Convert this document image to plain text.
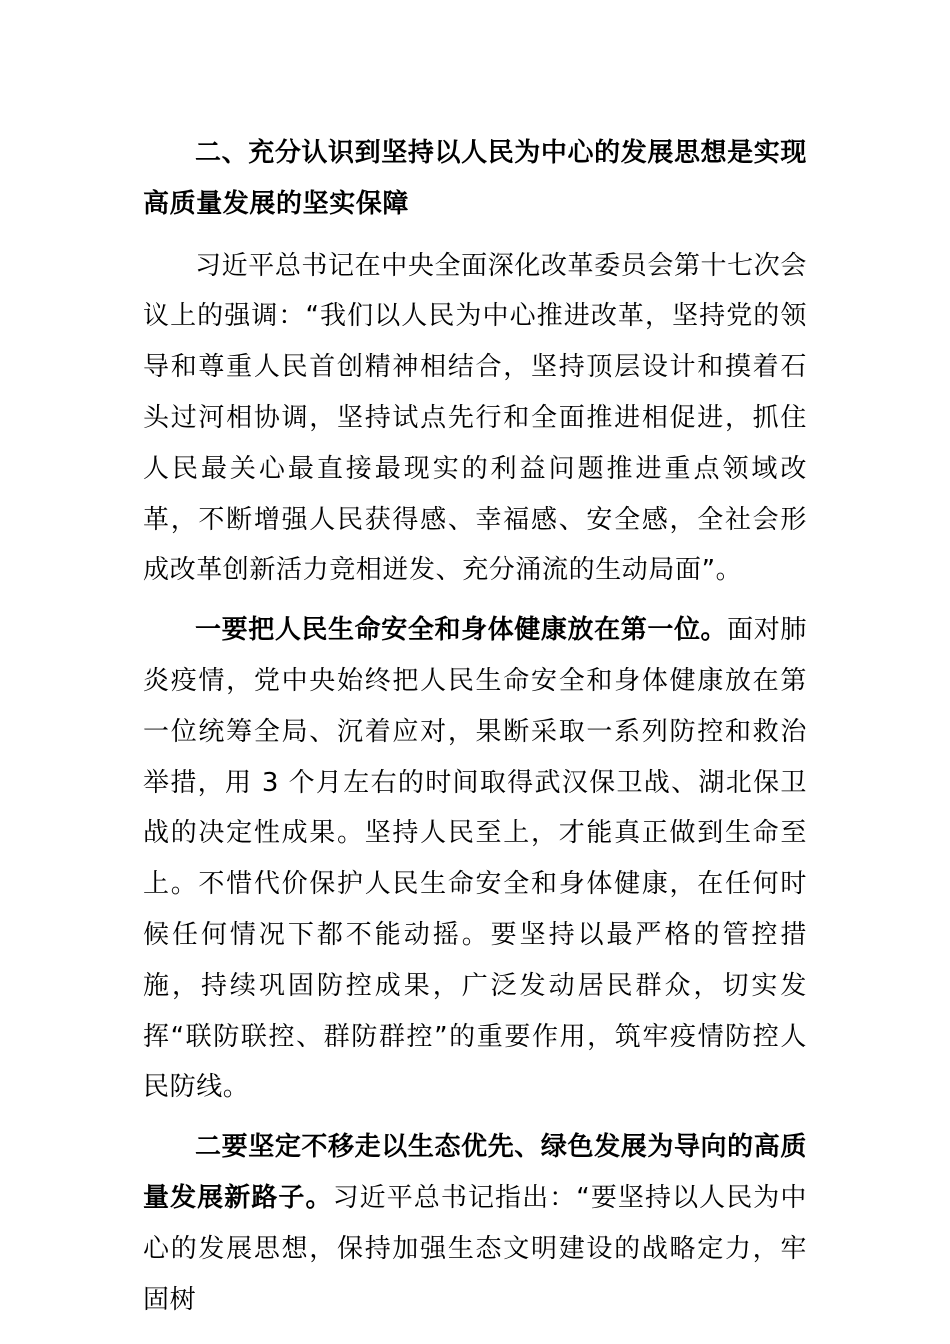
二、充分认识到坚持以人民为中心的发展思想是实现高质量发展的坚实保障

习近平总书记在中央全面深化改革委员会第十七次会议上的强调：“我们以人民为中心推进改革，坚持党的领导和尊重人民首创精神相结合，坚持顶层设计和摸着石头过河相协调，坚持试点先行和全面推进相促进，抓住人民最关心最直接最现实的利益问题推进重点领域改革，不断增强人民获得感、幸福感、安全感，全社会形成改革创新活力竞相迸发、充分涌流的生动局面”。

一要把人民生命安全和身体健康放在第一位。面对肺炎疫情，党中央始终把人民生命安全和身体健康放在第一位统筹全局、沉着应对，果断采取一系列防控和救治举措，用 3 个月左右的时间取得武汉保卫战、湖北保卫战的决定性成果。坚持人民至上，才能真正做到生命至上。不惜代价保护人民生命安全和身体健康，在任何时候任何情况下都不能动摇。要坚持以最严格的管控措施，持续巩固防控成果，广泛发动居民群众，切实发挥“联防联控、群防群控”的重要作用，筑牢疫情防控人民防线。

二要坚定不移走以生态优先、绿色发展为导向的高质量发展新路子。习近平总书记指出：“要坚持以人民为中心的发展思想，保持加强生态文明建设的战略定力，牢固树
